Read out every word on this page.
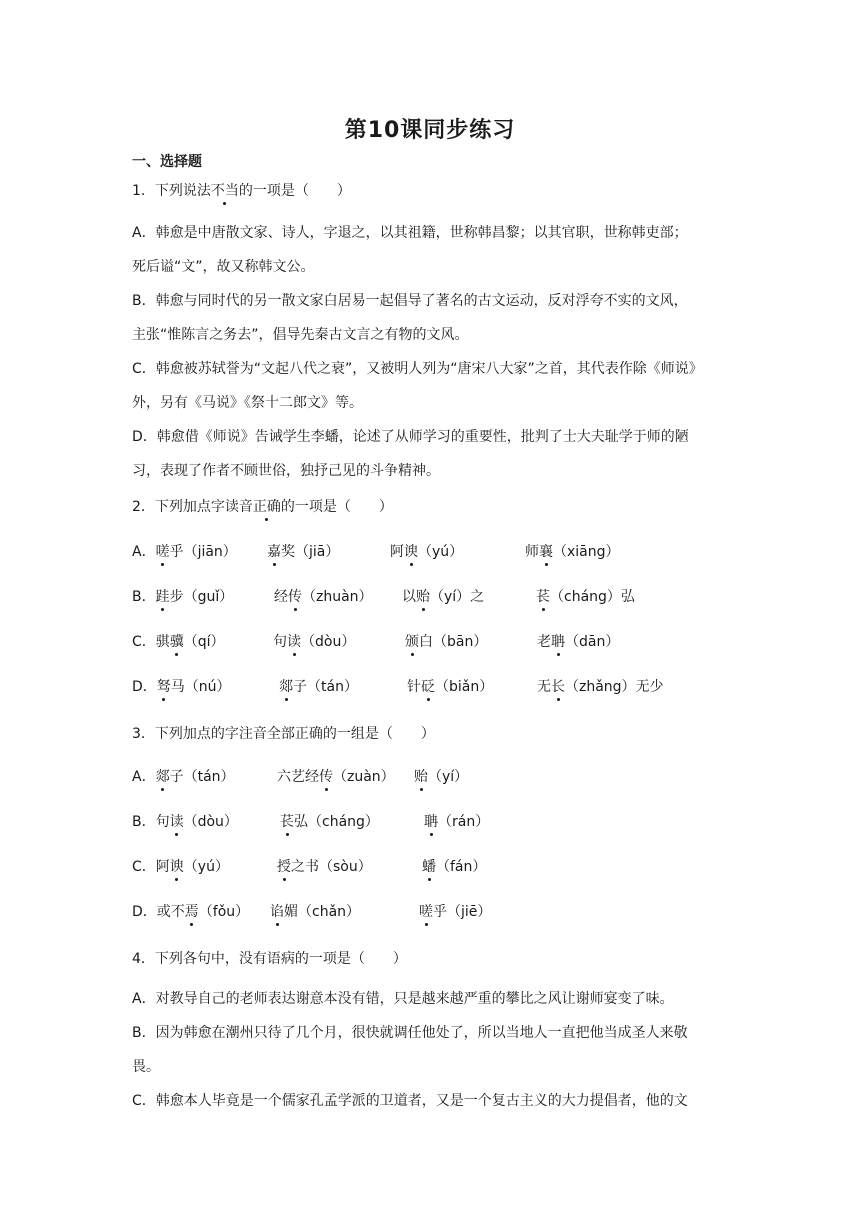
第10课同步练习
一、选择题
1．下列说法不当的一项是（　　）
A．韩愈是中唐散文家、诗人，字退之，以其祖籍，世称韩昌黎；以其官职，世称韩吏部；
死后谥“文”，故又称韩文公。
B．韩愈与同时代的另一散文家白居易一起倡导了著名的古文运动，反对浮夸不实的文风，
主张“惟陈言之务去”，倡导先秦古文言之有物的文风。
C．韩愈被苏轼誉为“文起八代之衰”，又被明人列为“唐宋八大家”之首，其代表作除《师说》
外，另有《马说》《祭十二郎文》等。
D．韩愈借《师说》告诫学生李蟠，论述了从师学习的重要性，批判了士大夫耻学于师的陋
习，表现了作者不顾世俗，独抒己见的斗争精神。
2．下列加点字读音正确的一项是（　　）
A．嗟乎（jiān） 嘉奖（jiā）	阿谀（yú）	师襄（xiāng）
B．跬步（guǐ）	经传（zhuàn） 以贻（yí）之	苌（cháng）弘
C．骐骥（qí）	句读（dòu）	颁白（bān）	老聃（dān）
D．驽马（nú）	郯子（tán）	针砭（biǎn）	无长（zhǎng）无少
3．下列加点的字注音全部正确的一组是（　　）
A．郯子（tán）	六艺经传（zuàn） 贻（yí）
B．句读（dòu）	苌弘（cháng）	聃（rán）
C．阿谀（yú）	授之书（sòu）	蟠（fán）
D．或不焉（fǒu） 谄媚（chǎn）	嗟乎（jiē）
4．下列各句中，没有语病的一项是（　　）
A．对教导自己的老师表达谢意本没有错，只是越来越严重的攀比之风让谢师宴变了味。
B．因为韩愈在潮州只待了几个月，很快就调任他处了，所以当地人一直把他当成圣人来敬
畏。
C．韩愈本人毕竟是一个儒家孔孟学派的卫道者，又是一个复古主义的大力提倡者，他的文
